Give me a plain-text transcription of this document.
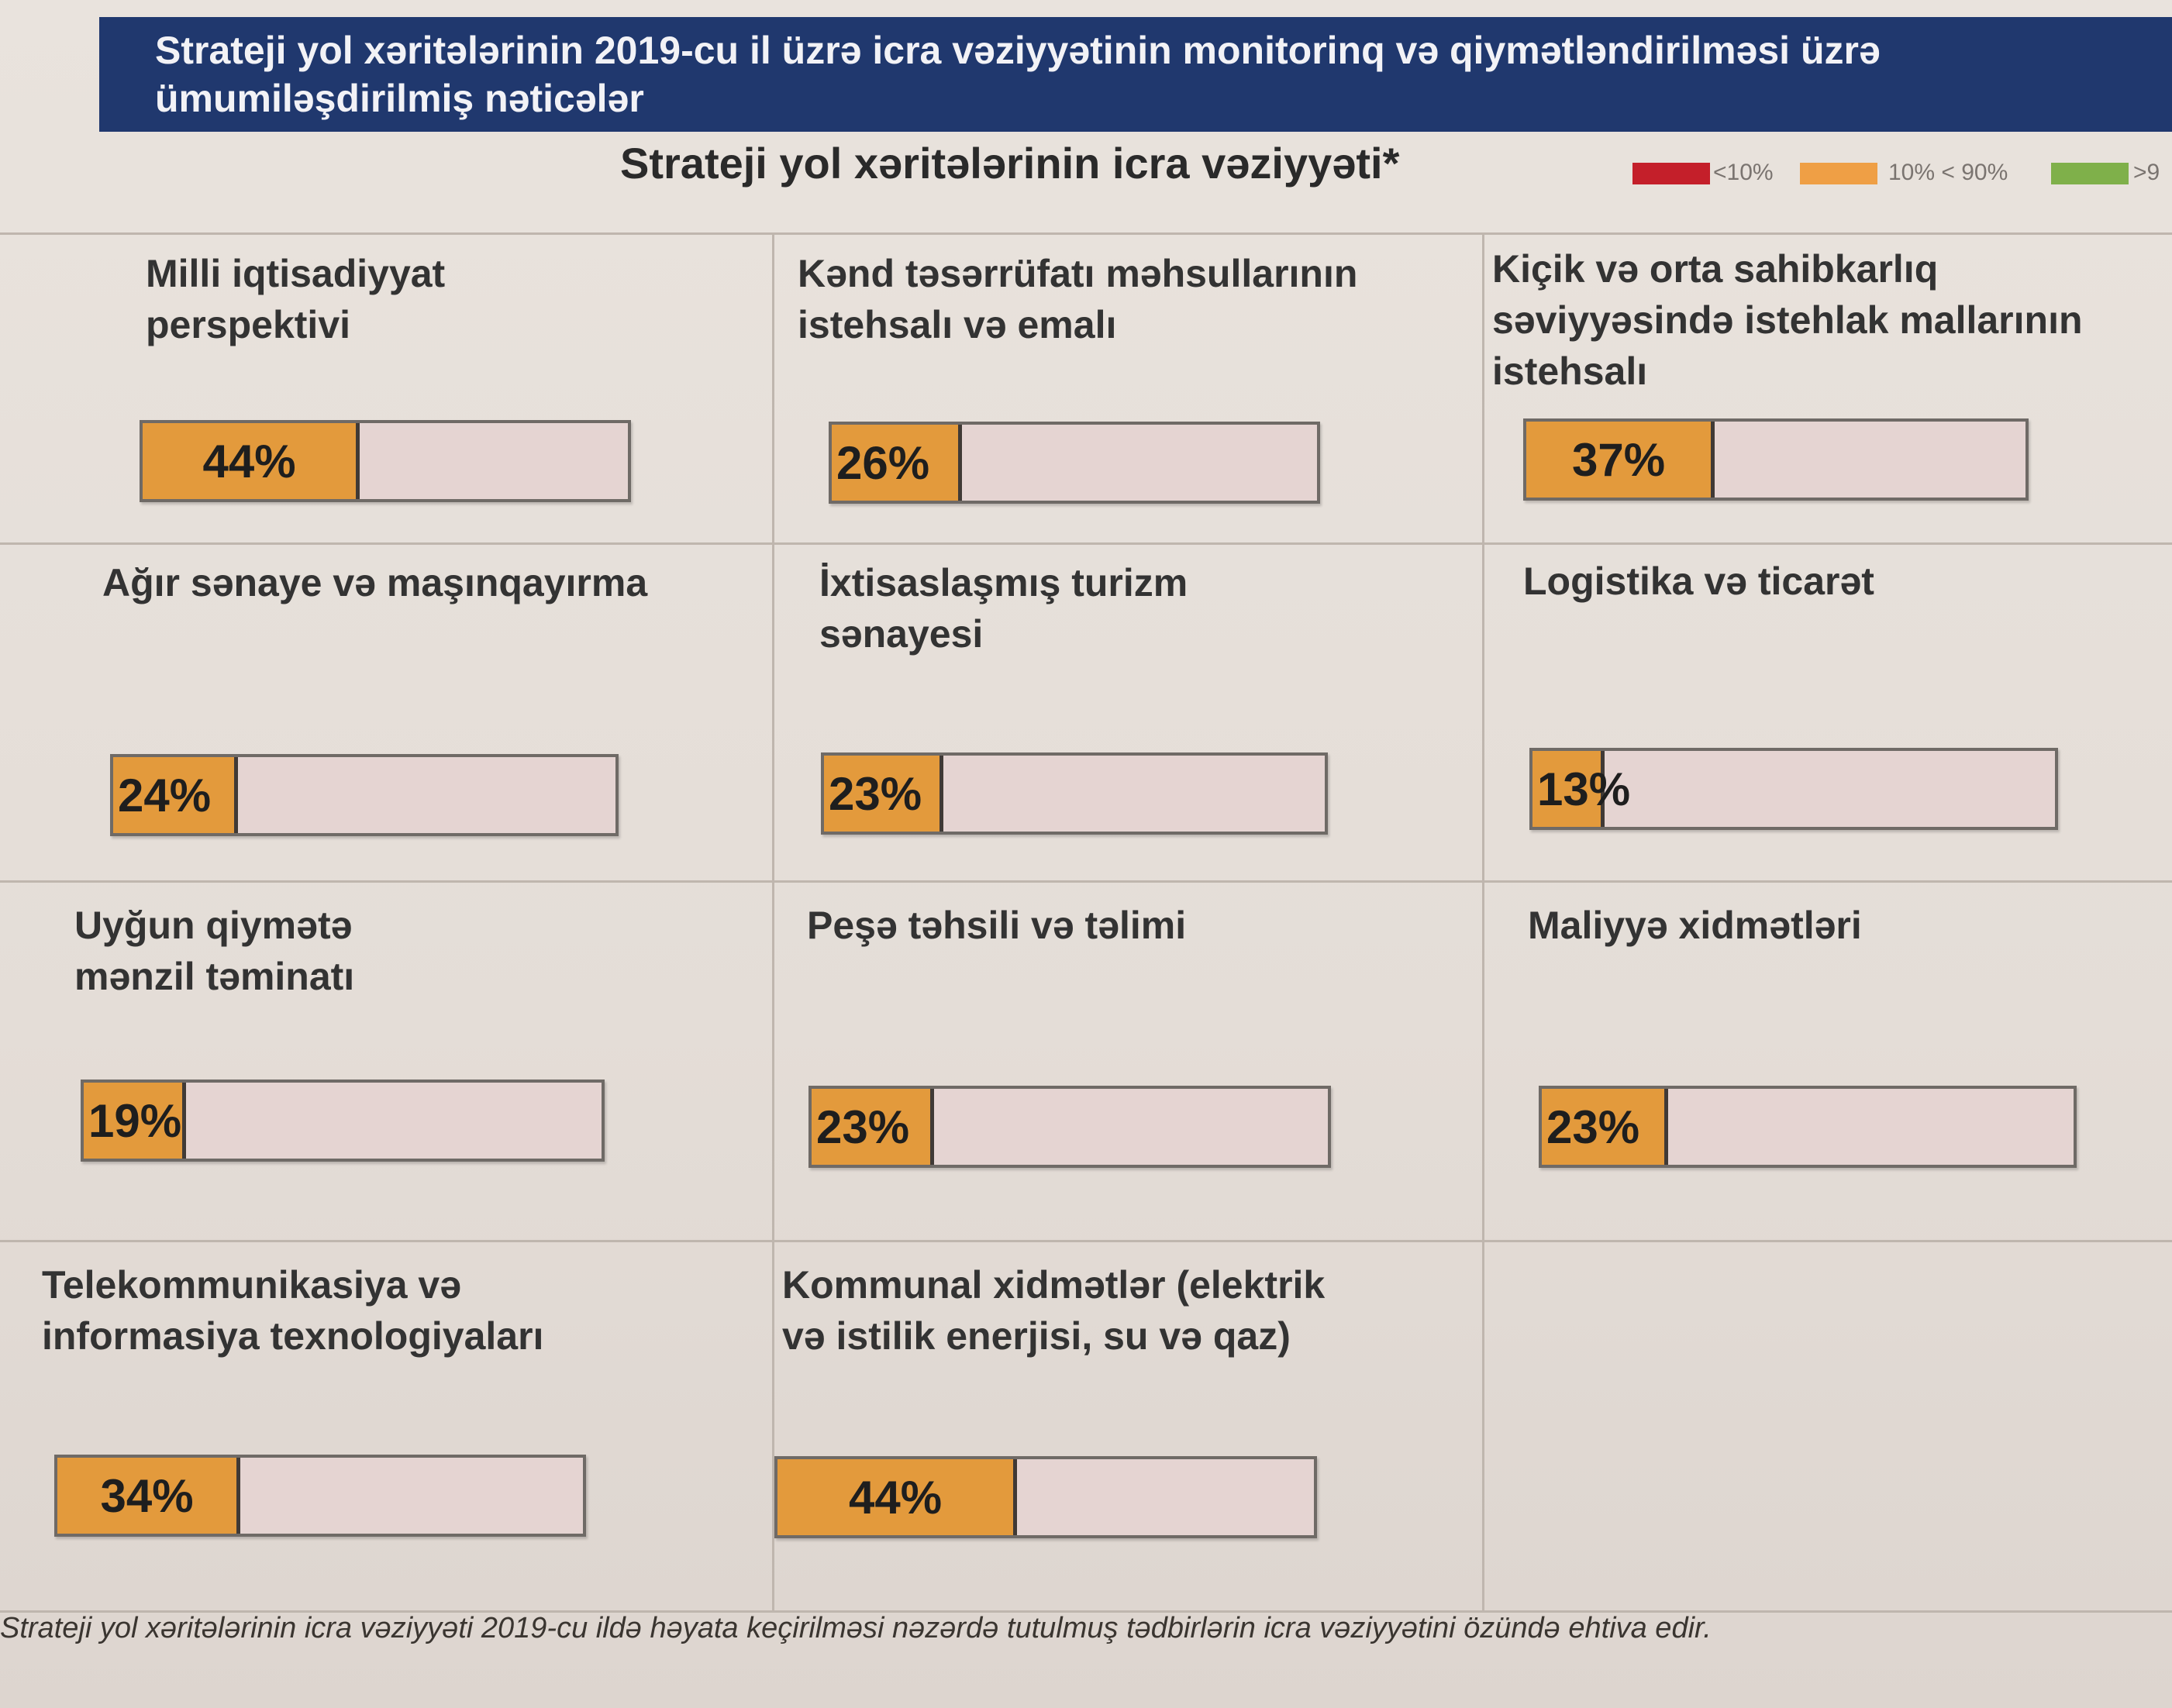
Strateji yol xəritələrinin 2019-cu il üzrə icra vəziyyətinin monitorinq və qiymətləndirilməsi üzrə
ümumiləşdirilmiş nəticələr
Strateji yol xəritələrinin icra vəziyyəti*	<10%	10% < 90%	>9
Milli iqtisadiyyat
perspektivi
44%
Kənd təsərrüfatı məhsullarının
istehsalı və emalı
26%
Kiçik və orta sahibkarlıq
səviyyəsində istehlak mallarının
istehsalı
37%
Ağır sənaye və maşınqayırma
24%
İxtisaslaşmış turizm
sənayesi
23%
Logistika və ticarət
13%
Uyğun qiymətə
mənzil təminatı
19%
Peşə təhsili və təlimi
23%
Maliyyə xidmətləri
23%
Telekommunikasiya və
informasiya texnologiyaları
34%
Kommunal xidmətlər (elektrik
və istilik enerjisi, su və qaz)
44%
Strateji yol xəritələrinin icra vəziyyəti 2019-cu ildə həyata keçirilməsi nəzərdə tutulmuş tədbirlərin icra vəziyyətini özündə ehtiva edir.
